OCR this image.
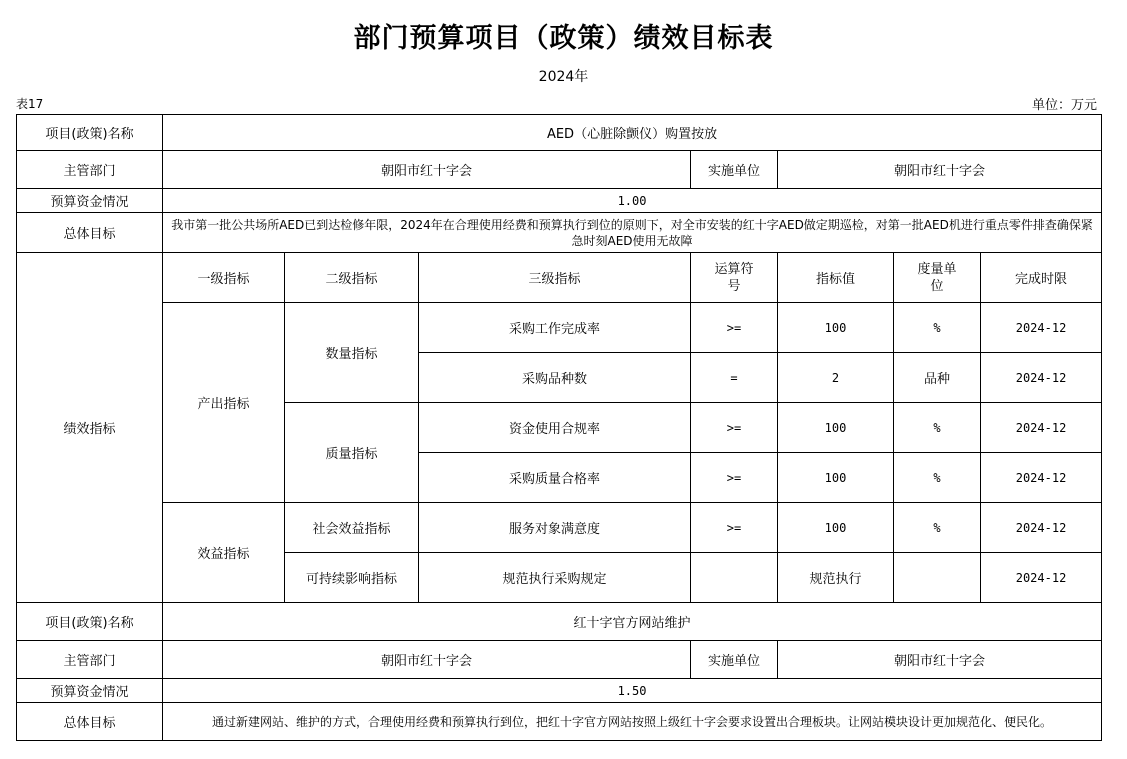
部门预算项目（政策）绩效目标表
2024年
表17	单位：万元
项目(政策)名称	AED（心脏除颤仪）购置按放						
主管部门	朝阳市红十字会			实施单位	朝阳市红十字会		
预算资金情况	1.00						
总体目标	我市第一批公共场所AED已到达检修年限，2024年在合理使用经费和预算执行到位的原则下，对全市安装的红十字AED做定期巡检，对第一批AED机进行重点零件排查确保紧急时刻AED使用无故障						
绩效指标	一级指标	二级指标	三级指标	运算符号	指标值	度量单位	完成时限
	产出指标	数量指标	采购工作完成率	>=	100	%	2024-12
			采购品种数	=	2	品种	2024-12
		质量指标	资金使用合规率	>=	100	%	2024-12
			采购质量合格率	>=	100	%	2024-12
	效益指标	社会效益指标	服务对象满意度	>=	100	%	2024-12
		可持续影响指标	规范执行采购规定		规范执行		2024-12
项目(政策)名称	红十字官方网站维护						
主管部门	朝阳市红十字会			实施单位	朝阳市红十字会		
预算资金情况	1.50						
总体目标	通过新建网站、维护的方式，合理使用经费和预算执行到位，把红十字官方网站按照上级红十字会要求设置出合理板块。让网站模块设计更加规范化、便民化。						
